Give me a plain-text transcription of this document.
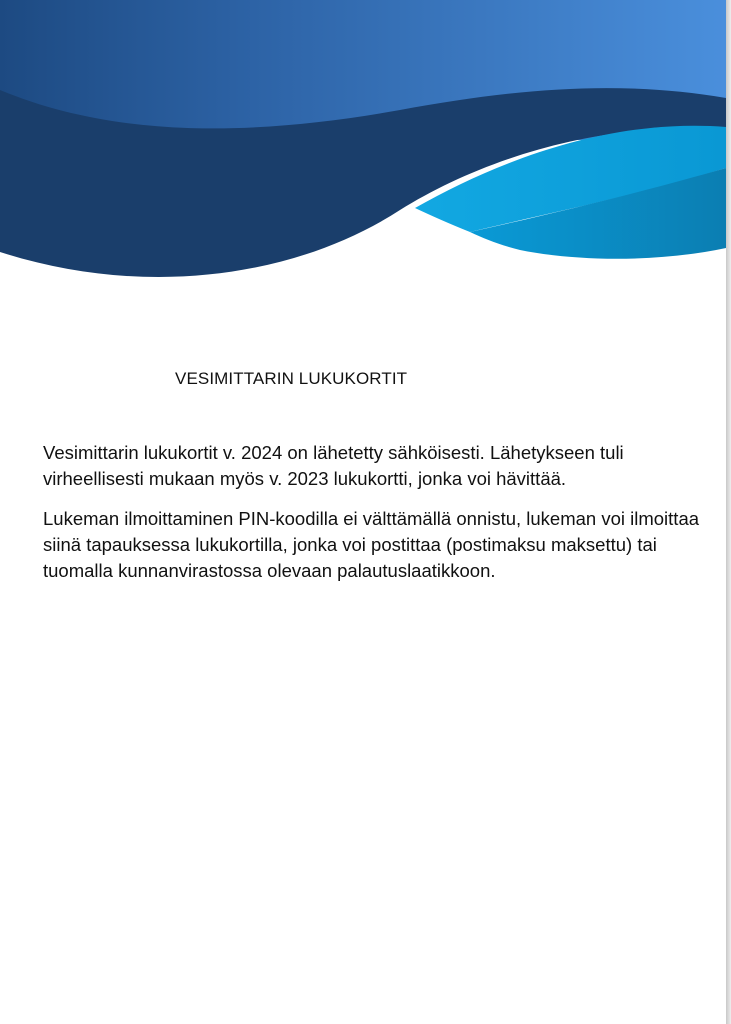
VESIMITTARIN LUKUKORTIT

Vesimittarin lukukortit v. 2024 on lähetetty sähköisesti. Lähetykseen tuli virheellisesti mukaan myös v. 2023 lukukortti, jonka voi hävittää.

Lukeman ilmoittaminen PIN-koodilla ei välttämällä onnistu, lukeman voi ilmoittaa siinä tapauksessa lukukortilla, jonka voi postittaa (postimaksu maksettu) tai tuomalla kunnanvirastossa olevaan palautuslaatikkoon.
